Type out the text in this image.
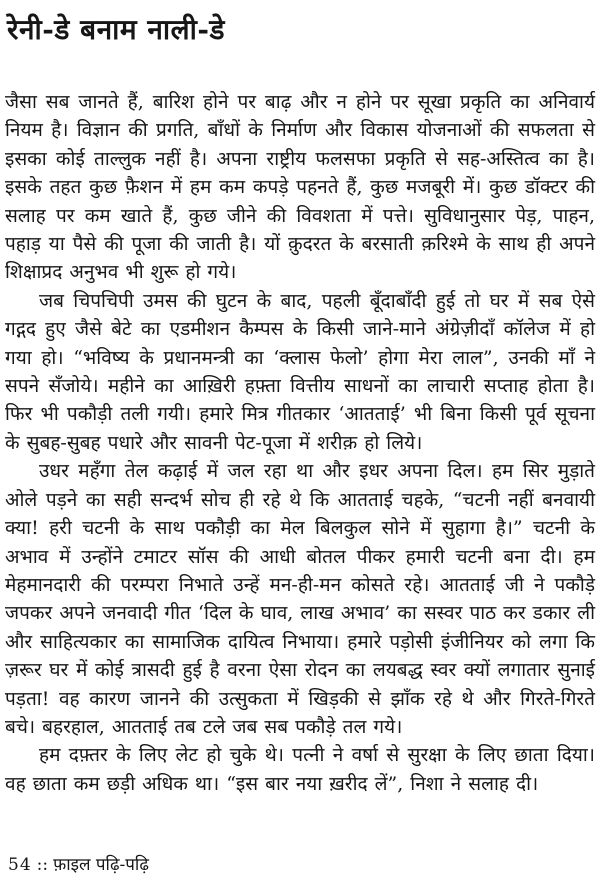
रेनी-डे बनाम नाली-डे

जैसा सब जानते हैं, बारिश होने पर बाढ़ और न होने पर सूखा प्रकृति का अनिवार्य नियम है। विज्ञान की प्रगति, बाँधों के निर्माण और विकास योजनाओं की सफलता से इसका कोई ताल्लुक नहीं है। अपना राष्ट्रीय फलसफा प्रकृति से सह-अस्तित्व का है। इसके तहत कुछ फ़ैशन में हम कम कपड़े पहनते हैं, कुछ मजबूरी में। कुछ डॉक्टर की सलाह पर कम खाते हैं, कुछ जीने की विवशता में पत्ते। सुविधानुसार पेड़, पाहन, पहाड़ या पैसे की पूजा की जाती है। यों क़ुदरत के बरसाती क़रिश्मे के साथ ही अपने शिक्षाप्रद अनुभव भी शुरू हो गये।

जब चिपचिपी उमस की घुटन के बाद, पहली बूँदाबाँदी हुई तो घर में सब ऐसे गद्गद हुए जैसे बेटे का एडमीशन कैम्पस के किसी जाने-माने अंग्रेज़ीदाँ कॉलेज में हो गया हो। “भविष्य के प्रधानमन्त्री का ‘क्लास फेलो’ होगा मेरा लाल”, उनकी माँ ने सपने सँजोये। महीने का आख़िरी हफ़्ता वित्तीय साधनों का लाचारी सप्ताह होता है। फिर भी पकौड़ी तली गयी। हमारे मित्र गीतकार ‘आतताई’ भी बिना किसी पूर्व सूचना के सुबह-सुबह पधारे और सावनी पेट-पूजा में शरीक़ हो लिये।

उधर महँगा तेल कढ़ाई में जल रहा था और इधर अपना दिल। हम सिर मुड़ाते ओले पड़ने का सही सन्दर्भ सोच ही रहे थे कि आतताई चहके, “चटनी नहीं बनवायी क्या! हरी चटनी के साथ पकौड़ी का मेल बिलकुल सोने में सुहागा है।” चटनी के अभाव में उन्होंने टमाटर सॉस की आधी बोतल पीकर हमारी चटनी बना दी। हम मेहमानदारी की परम्परा निभाते उन्हें मन-ही-मन कोसते रहे। आतताई जी ने पकौड़े जपकर अपने जनवादी गीत ‘दिल के घाव, लाख अभाव’ का सस्वर पाठ कर डकार ली और साहित्यकार का सामाजिक दायित्व निभाया। हमारे पड़ोसी इंजीनियर को लगा कि ज़रूर घर में कोई त्रासदी हुई है वरना ऐसा रोदन का लयबद्ध स्वर क्यों लगातार सुनाई पड़ता! वह कारण जानने की उत्सुकता में खिड़की से झाँक रहे थे और गिरते-गिरते बचे। बहरहाल, आतताई तब टले जब सब पकौड़े तल गये।

हम दफ़्तर के लिए लेट हो चुके थे। पत्नी ने वर्षा से सुरक्षा के लिए छाता दिया। वह छाता कम छड़ी अधिक था। “इस बार नया ख़रीद लें”, निशा ने सलाह दी।

54 :: फ़ाइल पढ़ि-पढ़ि
